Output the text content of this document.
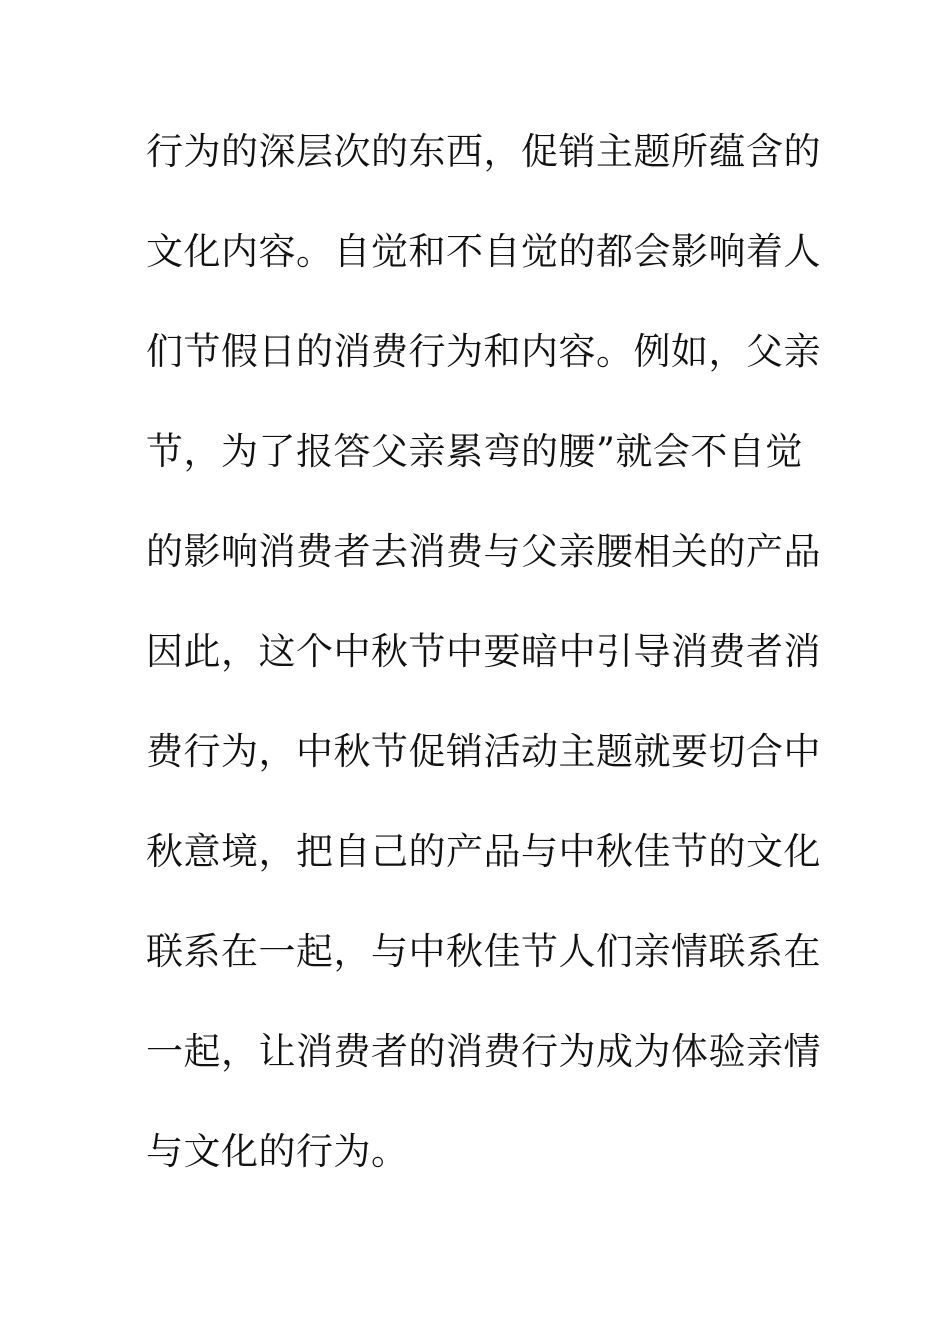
行为的深层次的东西，促销主题所蕴含的
文化内容。自觉和不自觉的都会影响着人
们节假日的消费行为和内容。例如，父亲
节，为了报答父亲累弯的腰”就会不自觉
的影响消费者去消费与父亲腰相关的产品
因此，这个中秋节中要暗中引导消费者消
费行为，中秋节促销活动主题就要切合中
秋意境，把自己的产品与中秋佳节的文化
联系在一起，与中秋佳节人们亲情联系在
一起，让消费者的消费行为成为体验亲情
与文化的行为。
